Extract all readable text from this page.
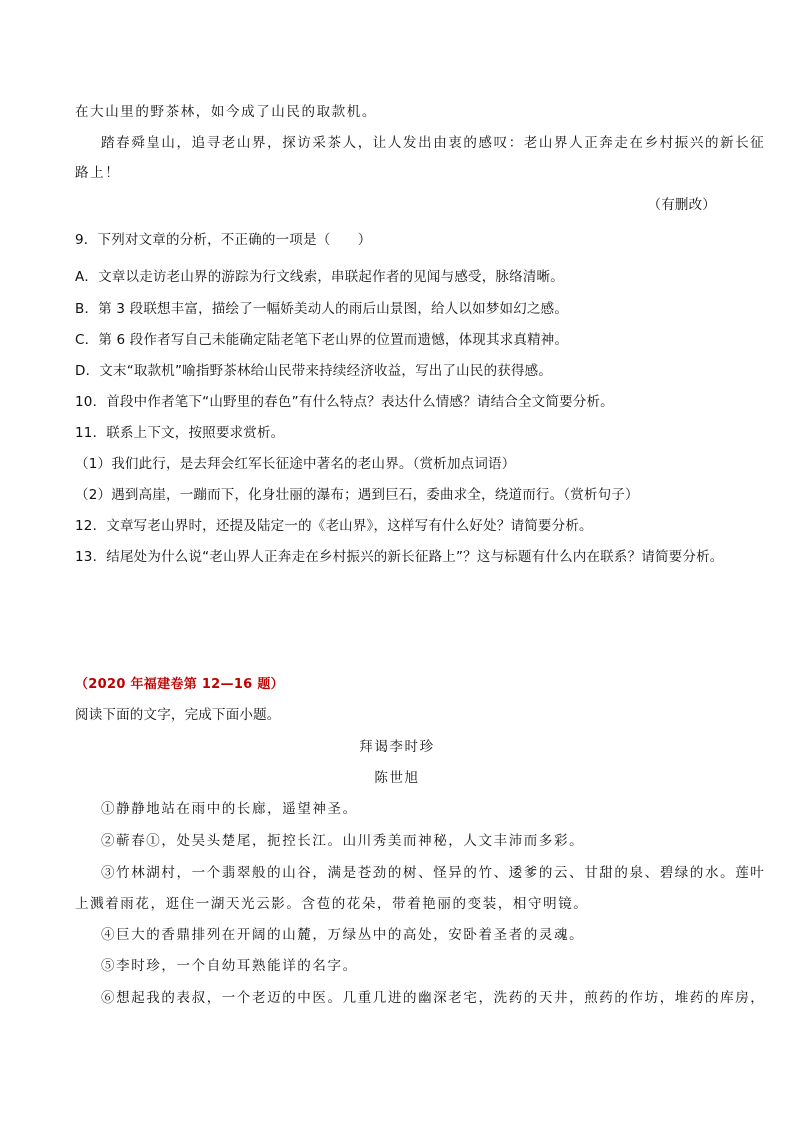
在大山里的野茶林，如今成了山民的取款机。
踏春舜皇山，追寻老山界，探访采茶人，让人发出由衷的感叹：老山界人正奔走在乡村振兴的新长征
路上！
（有删改）
9．下列对文章的分析，不正确的一项是（　　）
A．文章以走访老山界的游踪为行文线索，串联起作者的见闻与感受，脉络清晰。
B．第 3 段联想丰富，描绘了一幅娇美动人的雨后山景图，给人以如梦如幻之感。
C．第 6 段作者写自己未能确定陆老笔下老山界的位置而遗憾，体现其求真精神。
D．文末“取款机”喻指野茶林给山民带来持续经济收益，写出了山民的获得感。
10．首段中作者笔下“山野里的春色”有什么特点？表达什么情感？请结合全文简要分析。
11．联系上下文，按照要求赏析。
（1）我们此行，是去拜会红军长征途中著名的老山界。（赏析加点词语）
（2）遇到高崖，一蹦而下，化身壮丽的瀑布；遇到巨石，委曲求全，绕道而行。（赏析句子）
12．文章写老山界时，还提及陆定一的《老山界》，这样写有什么好处？请简要分析。
13．结尾处为什么说“老山界人正奔走在乡村振兴的新长征路上”？这与标题有什么内在联系？请简要分析。
（2020 年福建卷第 12—16 题）
阅读下面的文字，完成下面小题。
拜谒李时珍
陈世旭
①静静地站在雨中的长廊，遥望神圣。
②蕲春①，处吴头楚尾，扼控长江。山川秀美而神秘，人文丰沛而多彩。
③竹林湖村，一个翡翠般的山谷，满是苍劲的树、怪异的竹、逶爹的云、甘甜的泉、碧绿的水。莲叶
上溅着雨花，逛住一湖天光云影。含苞的花朵，带着艳丽的变装，相守明镜。
④巨大的香鼎排列在开阔的山麓，万绿丛中的高处，安卧着圣者的灵魂。
⑤李时珍，一个自幼耳熟能详的名字。
⑥想起我的表叔，一个老迈的中医。几重几进的幽深老宅，洗药的天井，煎药的作坊，堆药的库房，
